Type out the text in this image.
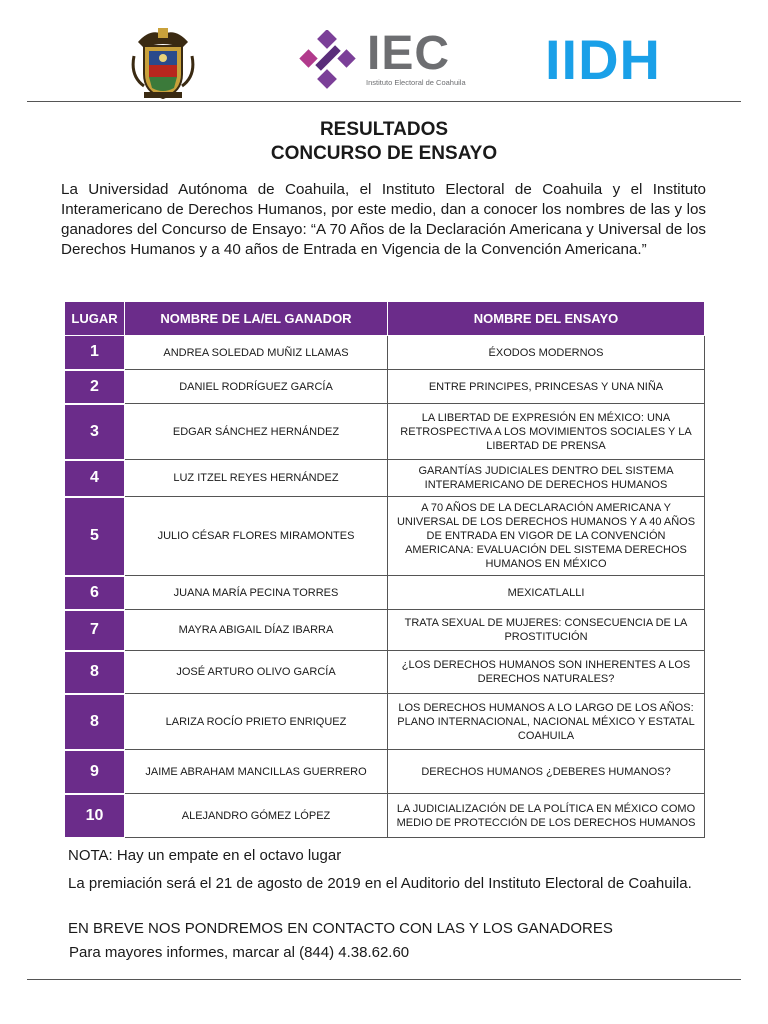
IEC
Instituto Electoral de Coahuila IIDH
RESULTADOS
CONCURSO DE ENSAYO
La Universidad Autónoma de Coahuila, el Instituto Electoral de Coahuila y el Instituto Interamericano de Derechos Humanos, por este medio, dan a conocer los nombres de las y los ganadores del Concurso de Ensayo: “A 70 Años de la Declaración Americana y Universal de los Derechos Humanos y a 40 años de Entrada en Vigencia de la Convención Americana.”
LUGAR	NOMBRE DE LA/EL GANADOR	NOMBRE DEL ENSAYO
1	ANDREA SOLEDAD MUÑIZ LLAMAS	ÉXODOS MODERNOS
2	DANIEL RODRÍGUEZ GARCÍA	ENTRE PRINCIPES, PRINCESAS Y UNA NIÑA
3	EDGAR SÁNCHEZ HERNÁNDEZ	LA LIBERTAD DE EXPRESIÓN EN MÉXICO: UNA RETROSPECTIVA A LOS MOVIMIENTOS SOCIALES Y LA LIBERTAD DE PRENSA
4	LUZ ITZEL REYES HERNÁNDEZ	GARANTÍAS JUDICIALES DENTRO DEL SISTEMA INTERAMERICANO DE DERECHOS HUMANOS
5	JULIO CÉSAR FLORES MIRAMONTES	A 70 AÑOS DE LA DECLARACIÓN AMERICANA Y UNIVERSAL DE LOS DERECHOS HUMANOS Y A 40 AÑOS DE ENTRADA EN VIGOR DE LA CONVENCIÓN AMERICANA: EVALUACIÓN DEL SISTEMA DERECHOS HUMANOS EN MÉXICO
6	JUANA MARÍA PECINA TORRES	MEXICATLALLI
7	MAYRA ABIGAIL DÍAZ IBARRA	TRATA SEXUAL DE MUJERES: CONSECUENCIA DE LA PROSTITUCIÓN
8	JOSÉ ARTURO OLIVO GARCÍA	¿LOS DERECHOS HUMANOS SON INHERENTES A LOS DERECHOS NATURALES?
8	LARIZA ROCÍO PRIETO ENRIQUEZ	LOS DERECHOS HUMANOS A LO LARGO DE LOS AÑOS: PLANO INTERNACIONAL, NACIONAL MÉXICO Y ESTATAL COAHUILA
9	JAIME ABRAHAM MANCILLAS GUERRERO	DERECHOS HUMANOS ¿DEBERES HUMANOS?
10	ALEJANDRO GÓMEZ LÓPEZ	LA JUDICIALIZACIÓN DE LA POLÍTICA EN MÉXICO COMO MEDIO DE PROTECCIÓN DE LOS DERECHOS HUMANOS
NOTA: Hay un empate en el octavo lugar
La premiación será el 21 de agosto de 2019 en el Auditorio del Instituto Electoral de Coahuila.
EN BREVE NOS PONDREMOS EN CONTACTO CON LAS Y LOS GANADORES
Para mayores informes, marcar al (844) 4.38.62.60
